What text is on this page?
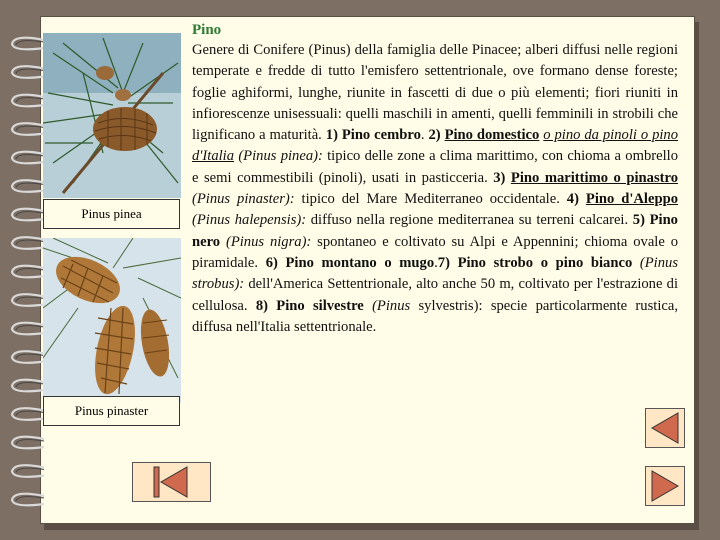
Pinus pinea
Pinus pinaster
Pino

Genere di Conifere (Pinus) della famiglia delle Pinacee; alberi diffusi nelle regioni temperate e fredde di tutto l'emisfero settentrionale, ove formano dense foreste; foglie aghiformi, lunghe, riunite in fascetti di due o più elementi; fiori riuniti in infiorescenze unisessuali: quelli maschili in amenti, quelli femminili in strobili che lignificano a maturità. 1) Pino cembro. 2) Pino domestico o pino da pinoli o pino d'Italia (Pinus pinea): tipico delle zone a clima marittimo, con chioma a ombrello e semi commestibili (pinoli), usati in pasticceria. 3) Pino marittimo o pinastro (Pinus pinaster): tipico del Mare Mediterraneo occidentale. 4) Pino d'Aleppo (Pinus halepensis): diffuso nella regione mediterranea su terreni calcarei. 5) Pino nero (Pinus nigra): spontaneo e coltivato su Alpi e Appennini; chioma ovale o piramidale. 6) Pino montano o mugo.7) Pino strobo o pino bianco (Pinus strobus): dell'America Settentrionale, alto anche 50 m, coltivato per l'estrazione di cellulosa. 8) Pino silvestre (Pinus sylvestris): specie particolarmente rustica, diffusa nell'Italia settentrionale.
